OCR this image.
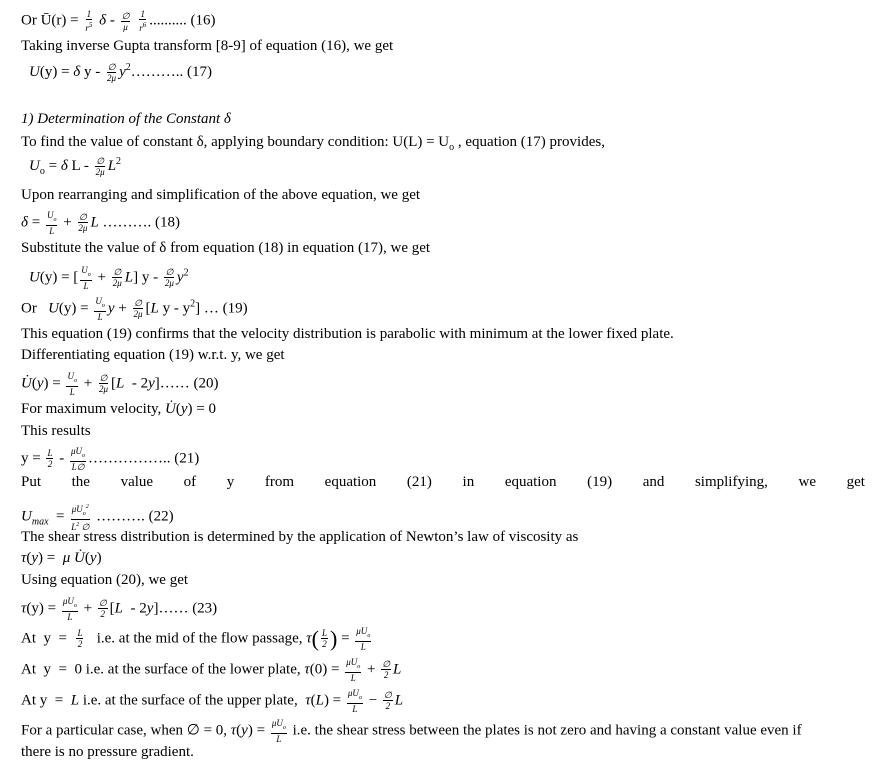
Or Ū(r) = $\frac{1}{r^5}$ δ - ∅
μ
$\frac{1}{r^6}$ .......... (16)
Taking inverse Gupta transform [8-9] of equation (16), we get
U(y) = δ y - ∅
2μ $y^2\dots\dots\dots$.. (17)
1) Determination of the Constant δ
To find the value of constant δ, applying boundary condition: $U(L) = U_o$ , equation (17) provides,
$U_o = \delta$ L - ∅
2μ $L^2$
Upon rearranging and simplification of the above equation, we get
$\delta = \frac{U_o}{L}$ + ∅
2μ L ………. (18)
Substitute the value of δ from equation (18) in equation (17), we get
U(y) = [ $\frac{U_o}{L}$ + ∅
2μ L] y - ∅
2μ $y^2$
Or   $U(y) = \frac{U_o}{L}$ y + ∅
2μ [L y - $y^2$] … (19)
This equation (19) confirms that the velocity distribution is parabolic with minimum at the lower fixed plate.
Differentiating equation (19) w.r.t. y, we get
U̇(y) = $\frac{U_o}{L}$ + ∅
2μ [L  - 2y]…… (20)
For maximum velocity, U̇(y) = 0
This results
$y = \frac{L}{2} - \mu U_o$
L∅
…………….. (21)
Put the value of y from equation (21) in equation (19) and simplifying, we get
$U_{max} = \mu U_o^2$
$L^2$ ∅
………. (22)
The shear stress distribution is determined by the application of Newton’s law of viscosity as
τ(y) =  μ U̇(y)
Using equation (20), we get
$\tau(y) = \mu U_o$
L
+ ∅
2 [L  - 2y]…… (23)
At  $y = \frac{L}{2} i.e$. at the mid of the flow passage, $\tau( \frac{L}{2}$ ) = $\mu U_o$
L
At  y  =  0 i.e. at the surface of the lower plate, $\tau(0) = \mu U_o$
L
+ ∅
2 L
At y  =  L i.e. at the surface of the upper plate, $\tau(L) = \mu U_o$
L
− ∅
2 L
For a particular case, when ∅ = 0, $\tau(y) = \mu U_o$
L
i.e. the shear stress between the plates is not zero and having a constant value even if
there is no pressure gradient.
